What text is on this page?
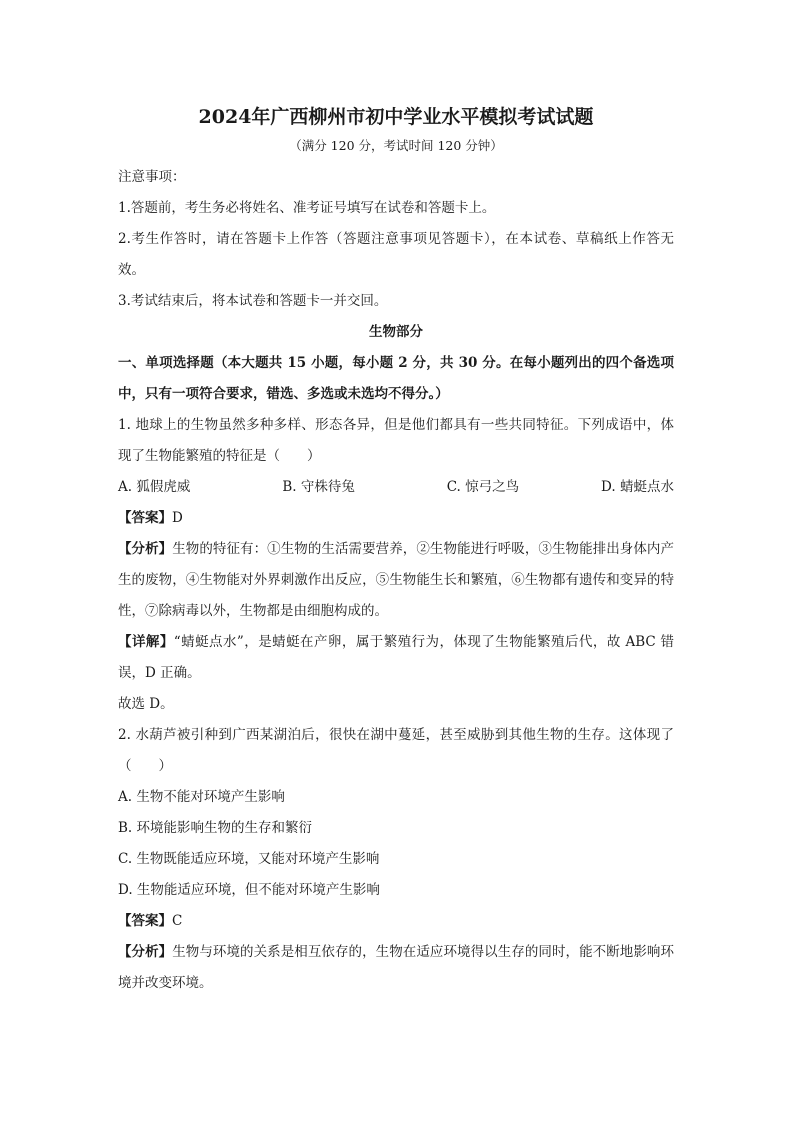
2024年广西柳州市初中学业水平模拟考试试题
（满分 120 分，考试时间 120 分钟）

注意事项：

1.答题前，考生务必将姓名、准考证号填写在试卷和答题卡上。

2.考生作答时，请在答题卡上作答（答题注意事项见答题卡），在本试卷、草稿纸上作答无效。

3.考试结束后，将本试卷和答题卡一并交回。

生物部分

一、单项选择题（本大题共 15 小题，每小题 2 分，共 30 分。在每小题列出的四个备选项中，只有一项符合要求，错选、多选或未选均不得分。）

1. 地球上的生物虽然多种多样、形态各异，但是他们都具有一些共同特征。下列成语中，体现了生物能繁殖的特征是（　　）

A. 狐假虎威	B. 守株待兔	C. 惊弓之鸟	D. 蜻蜓点水

【答案】D

【分析】生物的特征有：①生物的生活需要营养，②生物能进行呼吸，③生物能排出身体内产生的废物，④生物能对外界刺激作出反应，⑤生物能生长和繁殖，⑥生物都有遗传和变异的特性，⑦除病毒以外，生物都是由细胞构成的。

【详解】“蜻蜓点水”，是蜻蜓在产卵，属于繁殖行为，体现了生物能繁殖后代，故 ABC 错误，D 正确。

故选 D。

2. 水葫芦被引种到广西某湖泊后，很快在湖中蔓延，甚至威胁到其他生物的生存。这体现了（　　）

A. 生物不能对环境产生影响

B. 环境能影响生物的生存和繁衍

C. 生物既能适应环境，又能对环境产生影响

D. 生物能适应环境，但不能对环境产生影响

【答案】C

【分析】生物与环境的关系是相互依存的，生物在适应环境得以生存的同时，能不断地影响环境并改变环境。
